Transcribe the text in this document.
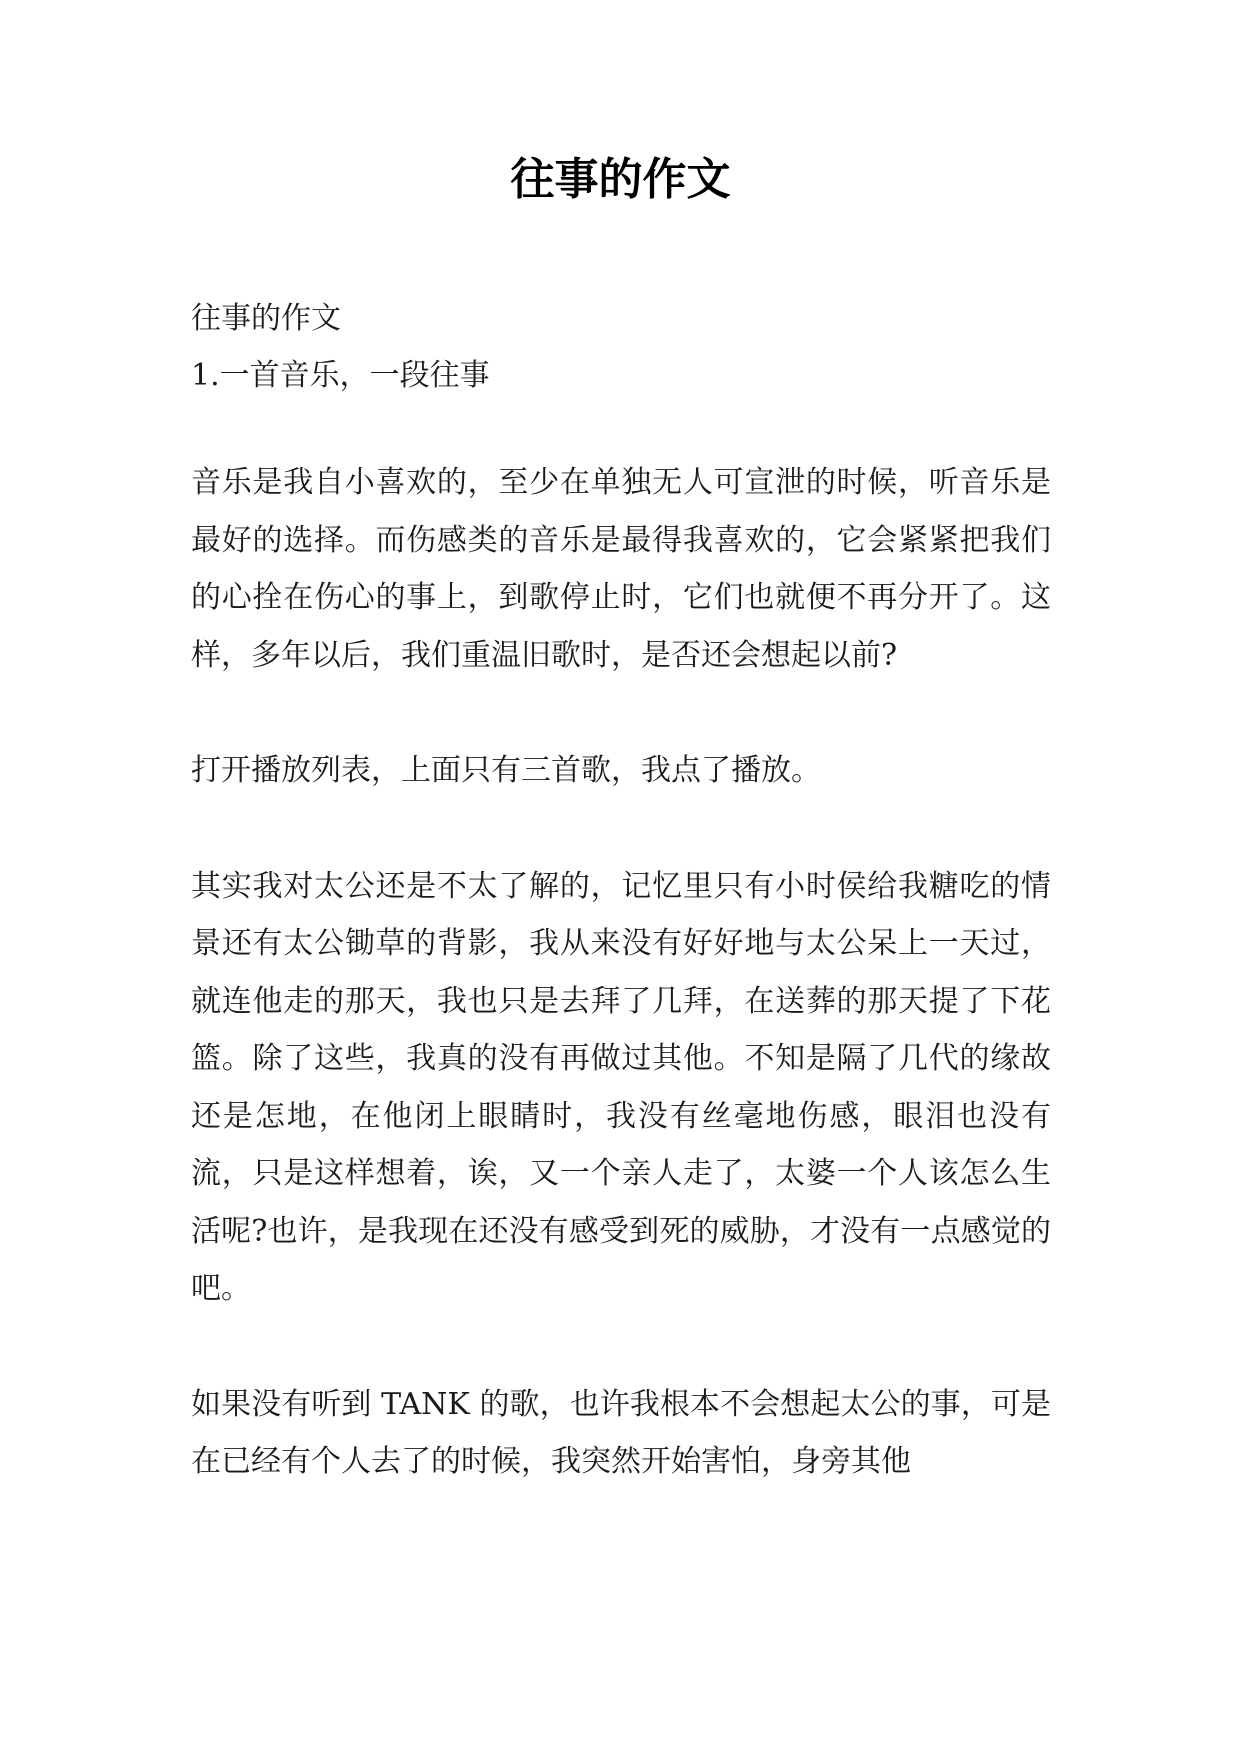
往事的作文

往事的作文

1.一首音乐，一段往事

音乐是我自小喜欢的，至少在单独无人可宣泄的时候，听音乐是最好的选择。而伤感类的音乐是最得我喜欢的，它会紧紧把我们的心拴在伤心的事上，到歌停止时，它们也就便不再分开了。这样，多年以后，我们重温旧歌时，是否还会想起以前?

打开播放列表，上面只有三首歌，我点了播放。

其实我对太公还是不太了解的，记忆里只有小时侯给我糖吃的情景还有太公锄草的背影，我从来没有好好地与太公呆上一天过，就连他走的那天，我也只是去拜了几拜，在送葬的那天提了下花篮。除了这些，我真的没有再做过其他。不知是隔了几代的缘故还是怎地，在他闭上眼睛时，我没有丝毫地伤感，眼泪也没有流，只是这样想着，诶，又一个亲人走了，太婆一个人该怎么生活呢?也许，是我现在还没有感受到死的威胁，才没有一点感觉的吧。

如果没有听到 TANK 的歌，也许我根本不会想起太公的事，可是在已经有个人去了的时候，我突然开始害怕，身旁其他
